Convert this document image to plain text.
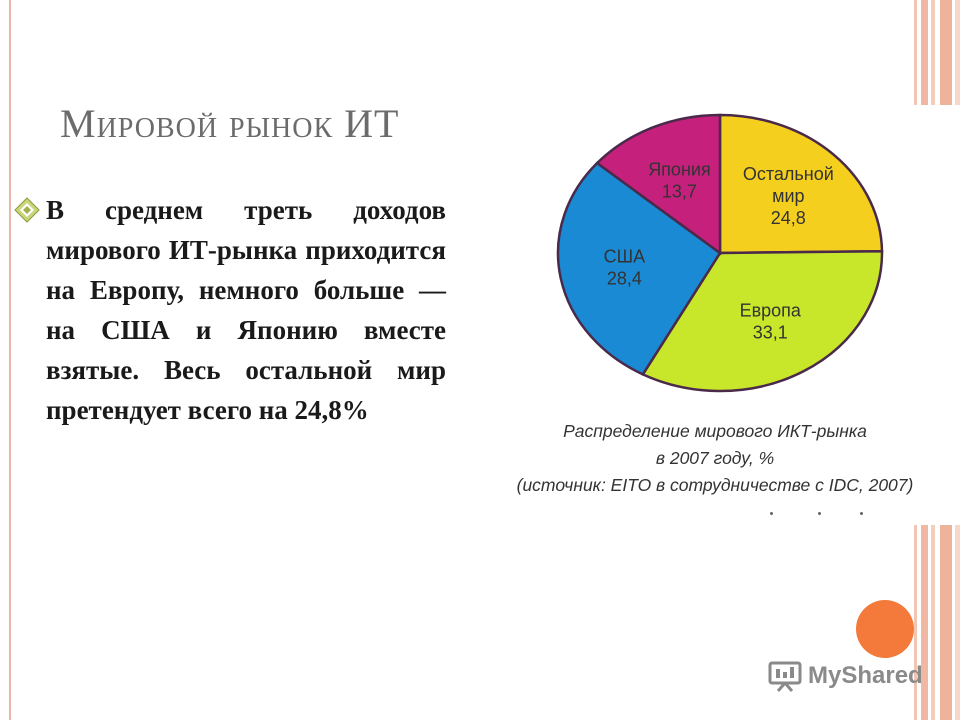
Мировой рынок ИТ
В среднем треть доходов мирового ИТ-рынка приходится на Европу, немного больше — на США и Японию вместе взятые. Весь остальной мир претендует всего на 24,8%
Остальной
мир
24,8
Европа
33,1
США
28,4
Япония
13,7
Распределение мирового ИКТ-рынка
в 2007 году, %
(источник: EITO в сотрудничестве с IDC, 2007)
MyShared
